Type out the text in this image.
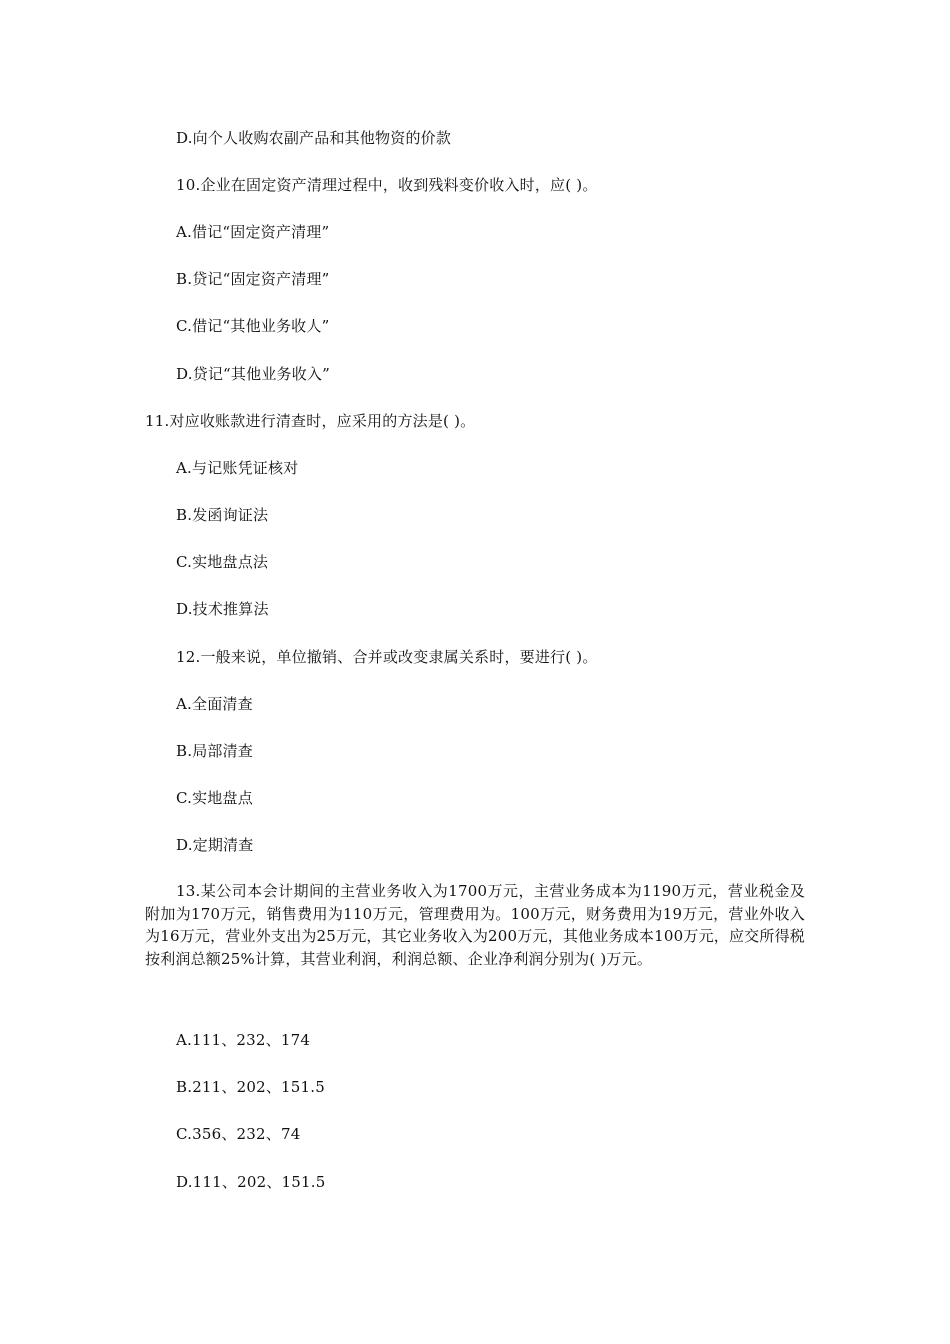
D.向个人收购农副产品和其他物资的价款
10.企业在固定资产清理过程中，收到残料变价收入时，应( )。
A.借记“固定资产清理”
B.贷记“固定资产清理”
C.借记“其他业务收人”
D.贷记“其他业务收入”
11.对应收账款进行清查时，应采用的方法是( )。
A.与记账凭证核对
B.发函询证法
C.实地盘点法
D.技术推算法
12.一般来说，单位撤销、合并或改变隶属关系时，要进行( )。
A.全面清查
B.局部清查
C.实地盘点
D.定期清查
13.某公司本会计期间的主营业务收入为1700万元，主营业务成本为1190万元，营业税金及附加为170万元，销售费用为110万元，管理费用为。100万元，财务费用为19万元，营业外收入为16万元，营业外支出为25万元，其它业务收入为200万元，其他业务成本100万元，应交所得税按利润总额25%计算，其营业利润，利润总额、企业净利润分别为( )万元。
A.111、232、174
B.211、202、151.5
C.356、232、74
D.111、202、151.5
